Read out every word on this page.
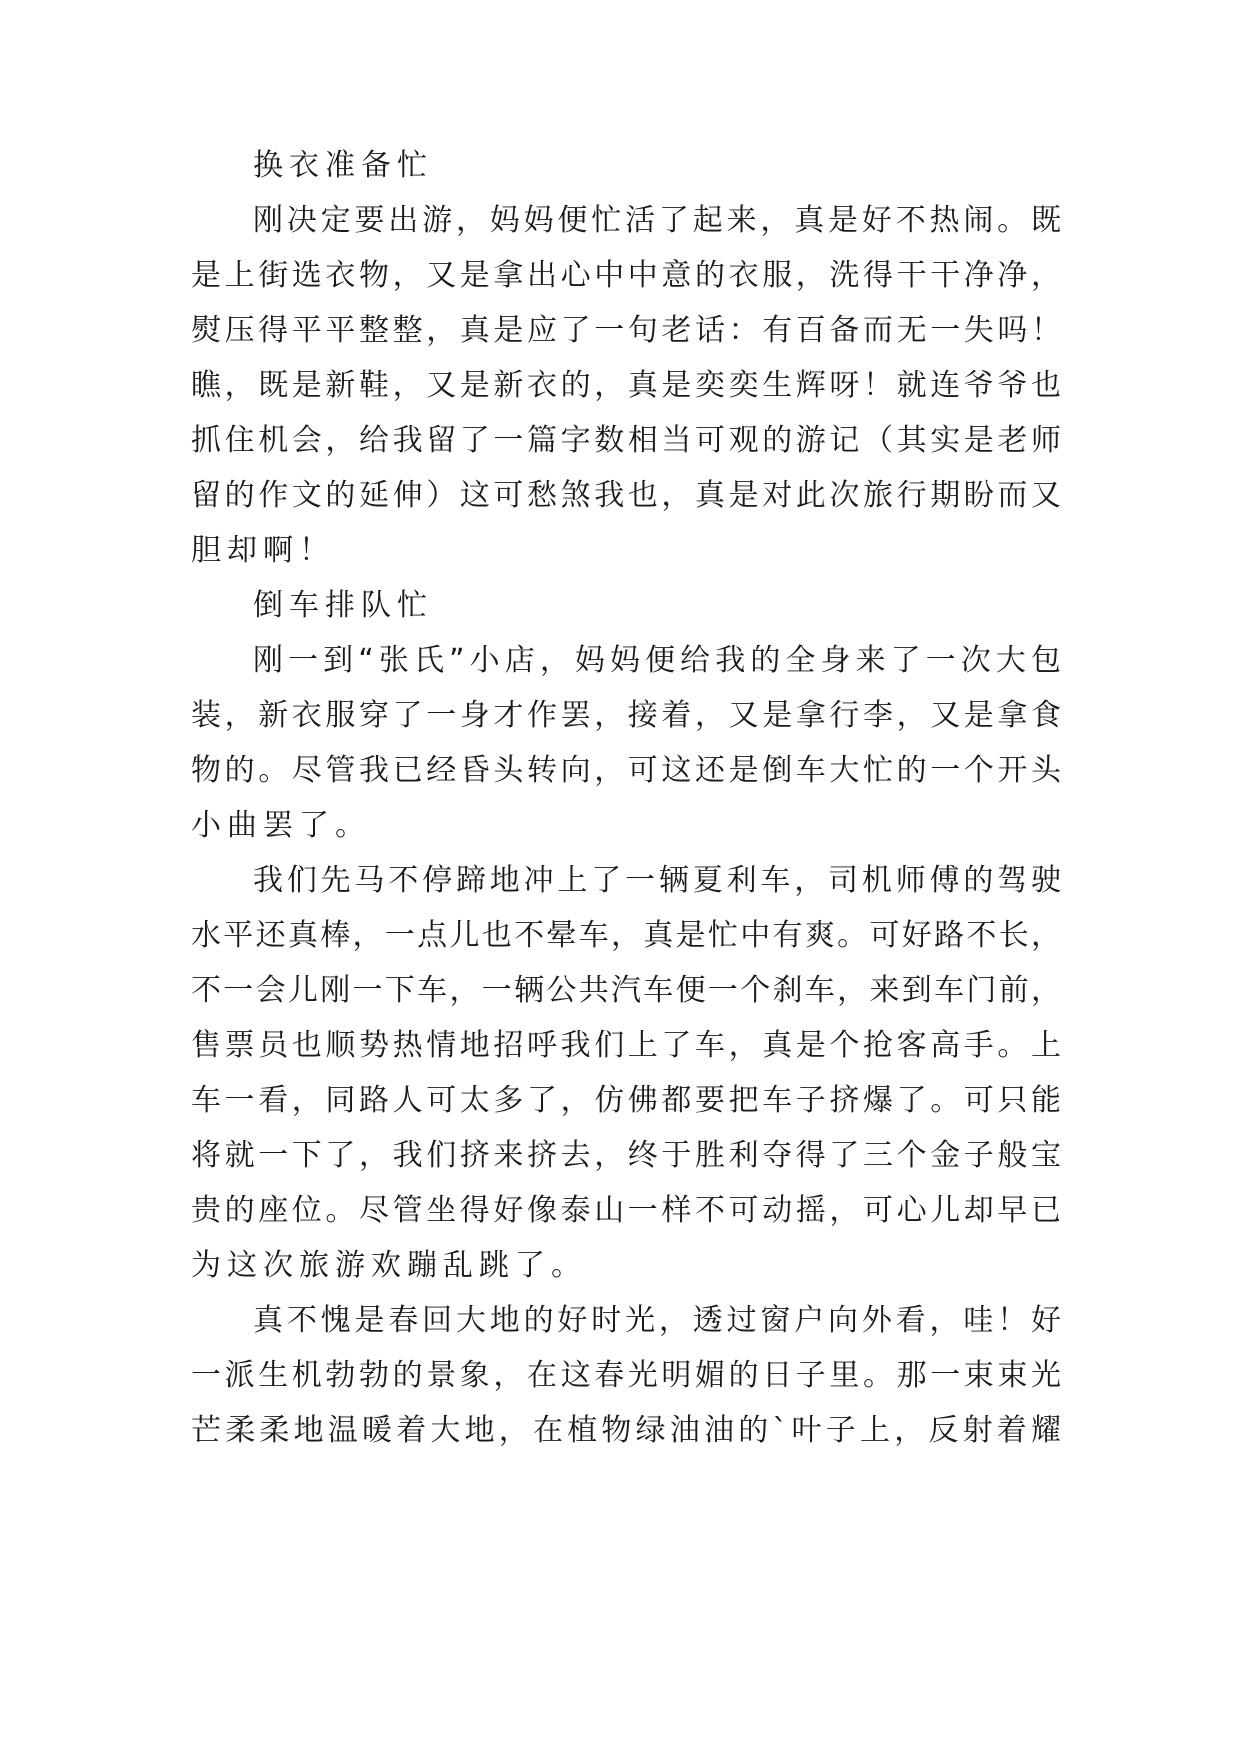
换衣准备忙
刚决定要出游，妈妈便忙活了起来，真是好不热闹。既
是上街选衣物，又是拿出心中中意的衣服，洗得干干净净，
熨压得平平整整，真是应了一句老话：有百备而无一失吗！
瞧，既是新鞋，又是新衣的，真是奕奕生辉呀！就连爷爷也
抓住机会，给我留了一篇字数相当可观的游记（其实是老师
留的作文的延伸）这可愁煞我也，真是对此次旅行期盼而又
胆却啊！
倒车排队忙
刚一到“张氏”小店，妈妈便给我的全身来了一次大包
装，新衣服穿了一身才作罢，接着，又是拿行李，又是拿食
物的。尽管我已经昏头转向，可这还是倒车大忙的一个开头
小曲罢了。
我们先马不停蹄地冲上了一辆夏利车，司机师傅的驾驶
水平还真棒，一点儿也不晕车，真是忙中有爽。可好路不长，
不一会儿刚一下车，一辆公共汽车便一个刹车，来到车门前，
售票员也顺势热情地招呼我们上了车，真是个抢客高手。上
车一看，同路人可太多了，仿佛都要把车子挤爆了。可只能
将就一下了，我们挤来挤去，终于胜利夺得了三个金子般宝
贵的座位。尽管坐得好像泰山一样不可动摇，可心儿却早已
为这次旅游欢蹦乱跳了。
真不愧是春回大地的好时光，透过窗户向外看，哇！好
一派生机勃勃的景象，在这春光明媚的日子里。那一束束光
芒柔柔地温暖着大地，在植物绿油油的`叶子上，反射着耀
